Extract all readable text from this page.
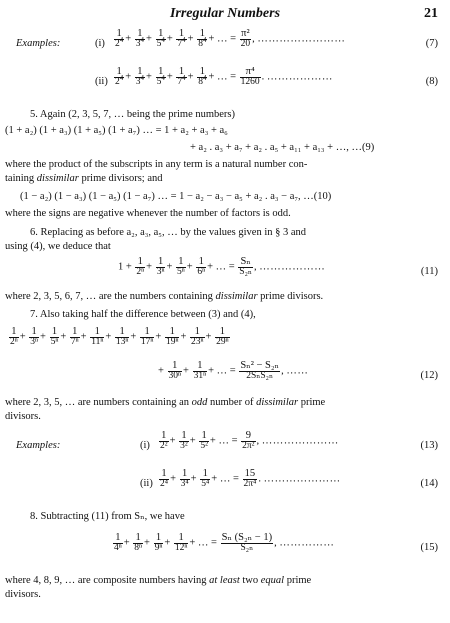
Irregular Numbers	21
Examples:	$(i) \frac{1}{2^4} + \frac{1}{3^4} + \frac{1}{5^4} + \frac{1}{7^4} + \frac{1}{8^4}$ + … = $\frac{\text{π²}}{20}$ , ……………………	(7)
$(ii) \frac{1}{2^4} + \frac{1}{3^4} + \frac{1}{5^4} + \frac{1}{7^4} + \frac{1}{8^4}$ + … = $\frac{\text{π⁴}}{1260}$ . ………………	(8)
5. Again (2, 3, 5, 7, … being the prime numbers)
(1 + a₂) (1 + a₃) (1 + a₅) (1 + a₇) … = 1 + a₂ + a₃ + a₆
+ a₂ . a₃ + a₇ + a₂ . a₅ + a₁₁ + a₁₃ + …, …(9)
where the product of the subscripts in any term is a natural number con-
taining dissimilar prime divisors; and
(1 − a₂) (1 − a₃) (1 − a₅) (1 − a₇) … = 1 − a₂ − a₃ − a₅ + a₂ . a₃ − a₇, …(10)
where the signs are negative whenever the number of factors is odd.
6. Replacing as before a₂, a₃, a₅, … by the values given in § 3 and
using (4), we deduce that
$1 + \frac{1}{\text{2ⁿ}} + \frac{1}{\text{3ⁿ}} + \frac{1}{\text{5ⁿ}} + \frac{1}{\text{6ⁿ}}$ + … = $\frac{\text{Sₙ}}{\text{S₂ₙ}}$ , ………………	(11)
where 2, 3, 5, 6, 7, … are the numbers containing dissimilar prime divisors.
7. Also taking half the difference between (3) and (4),
$\frac{1}{\text{2ⁿ}} + \frac{1}{\text{3ⁿ}} + \frac{1}{\text{5ⁿ}} + \frac{1}{\text{7ⁿ}} + \frac{1}{\text{11ⁿ}} + \frac{1}{\text{13ⁿ}} + \frac{1}{\text{17ⁿ}} + \frac{1}{\text{19ⁿ}} + \frac{1}{\text{23ⁿ}} + \frac{1}{\text{29ⁿ}}$
+ $\frac{1}{\text{30ⁿ}} + \frac{1}{\text{31ⁿ}}$ + … = $\frac{\text{Sₙ² − S₂ₙ}}{\text{2SₙS₂ₙ}}$ , ……	(12)
where 2, 3, 5, … are numbers containing an odd number of dissimilar prime
divisors.
Examples:	$(i) \frac{1}{\text{2²}} + \frac{1}{\text{3²}} + \frac{1}{\text{5²}}$ + … = $\frac{9}{\text{2π²}}$ , …………………	(13)
$(ii) \frac{1}{\text{2⁴}} + \frac{1}{\text{3⁴}} + \frac{1}{\text{5⁴}}$ + … = $\frac{15}{\text{2π⁴}}$ . …………………	(14)
8. Subtracting (11) from Sₙ, we have
$\frac{1}{\text{4ⁿ}} + \frac{1}{\text{8ⁿ}} + \frac{1}{\text{9ⁿ}} + \frac{1}{\text{12ⁿ}}$ + … = $\frac{\text{Sₙ (S₂ₙ − 1)}}{\text{S₂ₙ}}$ , ……………	(15)
where 4, 8, 9, … are composite numbers having at least two equal prime
divisors.
